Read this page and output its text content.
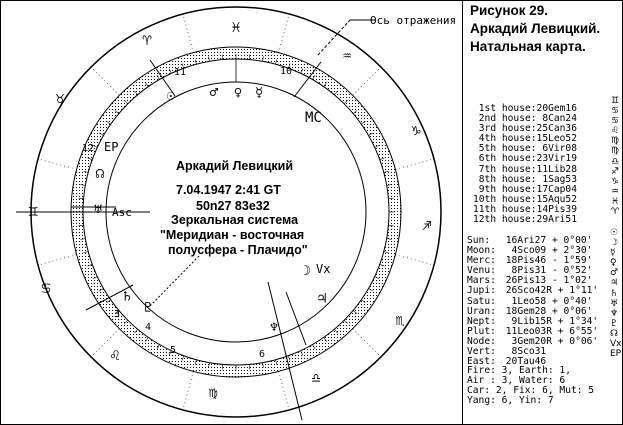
Ось отражения
♈
♉
♊
♋
♌
♍
♎
♏
♐
♑
♒
♓
11	10
12
3
4
5	6
♂ ♀ ☿
☉
♄
♇
♆
☊
♅
♃
☽
MC
Asc
Vx
EP
Аркадий Левицкий
7.04.1947 2:41 GT
50n27 83e32
Зеркальная система
"Меридиан - восточная
полусфера - Плачидо"
Рисунок 29.
Аркадий Левицкий.
Натальная карта.
1st house:20Gem16
♊
2nd house: 8Can24
♋
3rd house:25Can36
♋
4th house:15Leo52
♌
5th house: 6Vir08
♍
6th house:23Vir19
♍
7th house:11Lib28
♎
8th house: 1Sag53
♐
9th house:17Cap04
♑
10th house:15Aqu52
♒
11th house:14Pis39
♓
12th house:29Ari51
♈
Sun: 16Ari27 + 0°00'
☉
Moon:  4Sco09 + 2°30'
☽
Merc: 18Pis46 - 1°59'
☿
Venu:  8Pis31 - 0°52'
♀
Mars: 26Pis13 - 1°02'
♂
Jupi: 26Sco42R + 1°11'
♃
Satu:  1Leo58 + 0°40'
♄
Uran: 18Gem28 + 0°06'
♅
Nept:  9Lib15R + 1°34'
♆
Plut: 11Leo03R + 6°55'
♇
Node:  3Gem20R + 0°06'
☊
Vert:  8Sco31
Vx
East: 20Tau46
EP
Fire: 3, Earth: 1,
Air : 3, Water: 6
Car: 2, Fix: 6, Mut: 5
Yang: 6, Yin: 7
